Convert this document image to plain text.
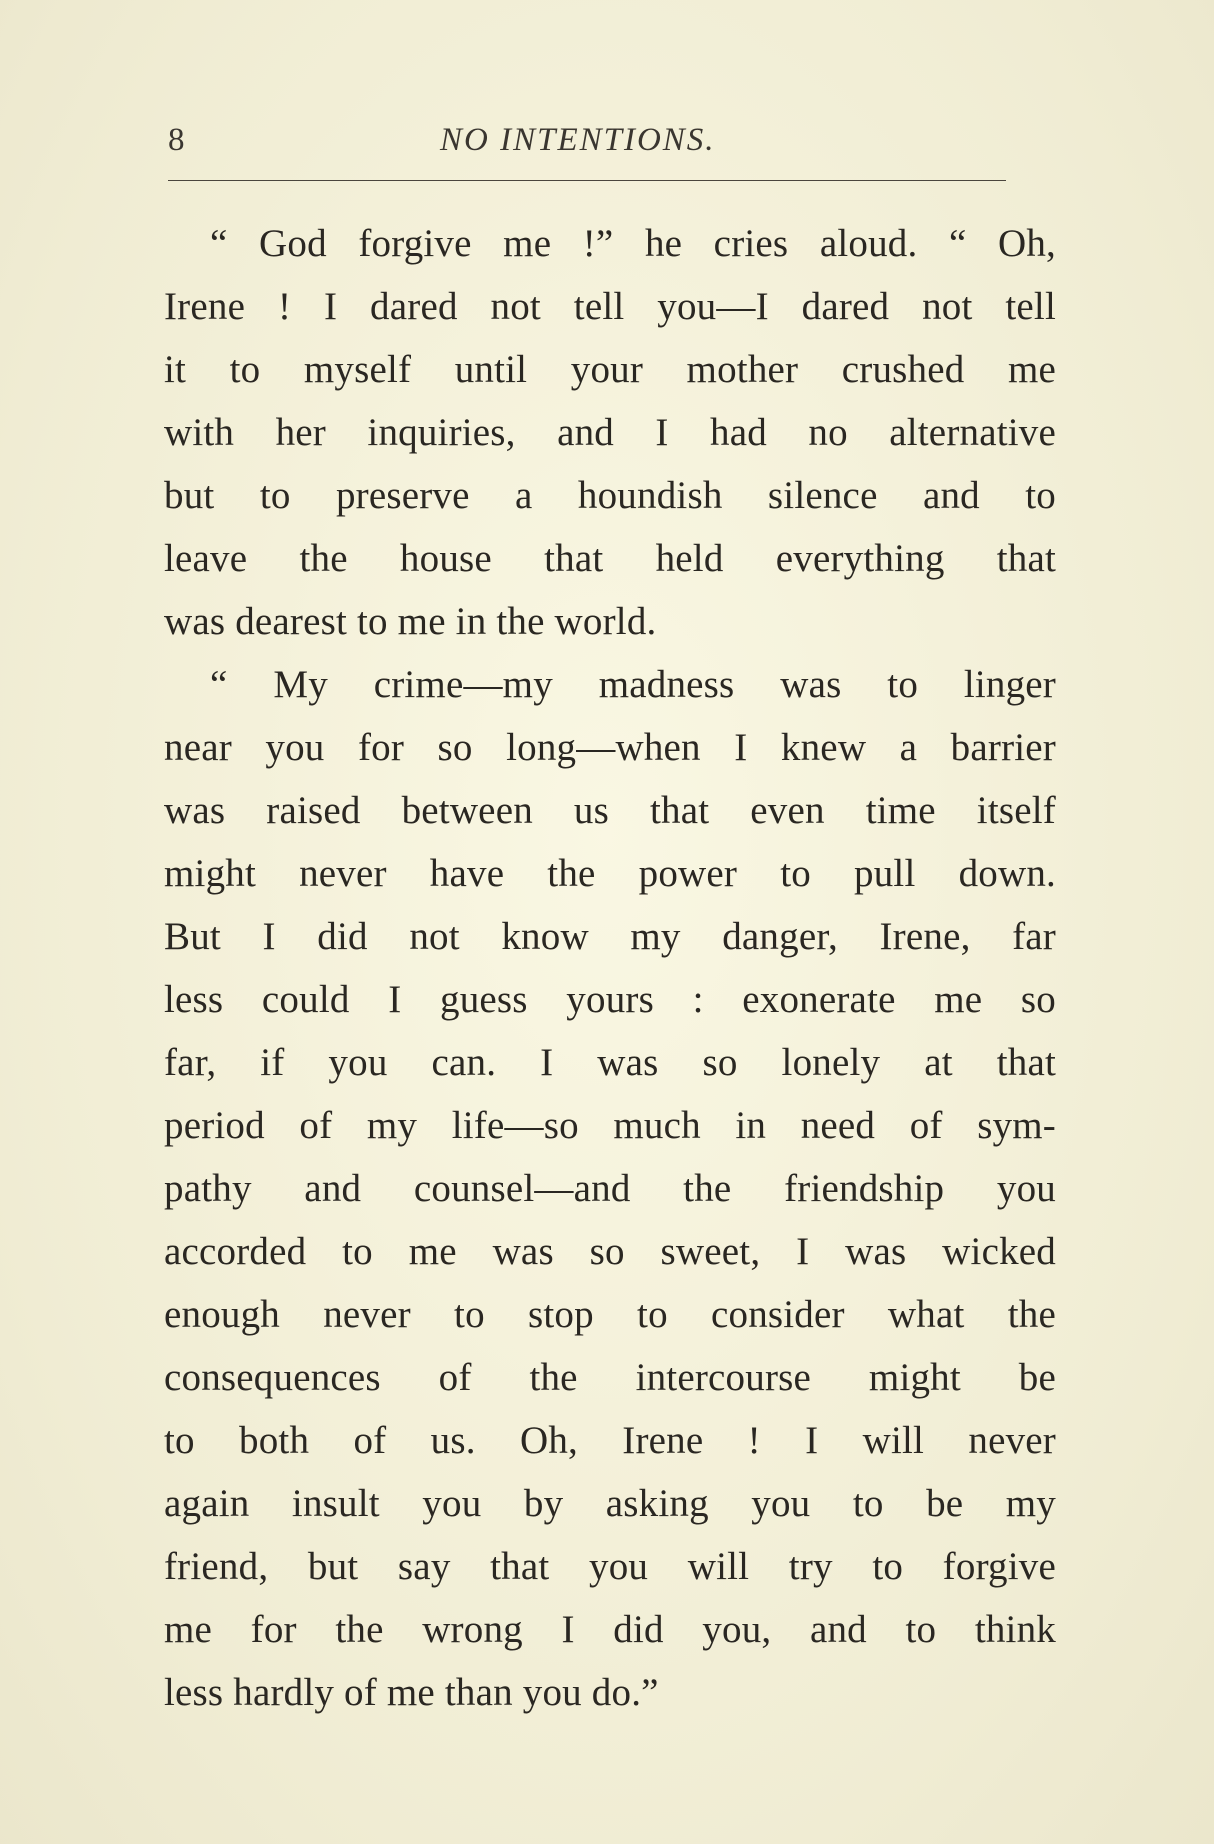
8	NO INTENTIONS.
“ God forgive me !” he cries aloud. “ Oh,
Irene ! I dared not tell you—I dared not tell
it to myself until your mother crushed me
with her inquiries, and I had no alternative
but to preserve a houndish silence and to
leave the house that held everything that
was dearest to me in the world.
“ My crime—my madness was to linger
near you for so long—when I knew a barrier
was raised between us that even time itself
might never have the power to pull down.
But I did not know my danger, Irene, far
less could I guess yours : exonerate me so
far, if you can. I was so lonely at that
period of my life—so much in need of sym-
pathy and counsel—and the friendship you
accorded to me was so sweet, I was wicked
enough never to stop to consider what the
consequences of the intercourse might be
to both of us. Oh, Irene ! I will never
again insult you by asking you to be my
friend, but say that you will try to forgive
me for the wrong I did you, and to think
less hardly of me than you do.”
